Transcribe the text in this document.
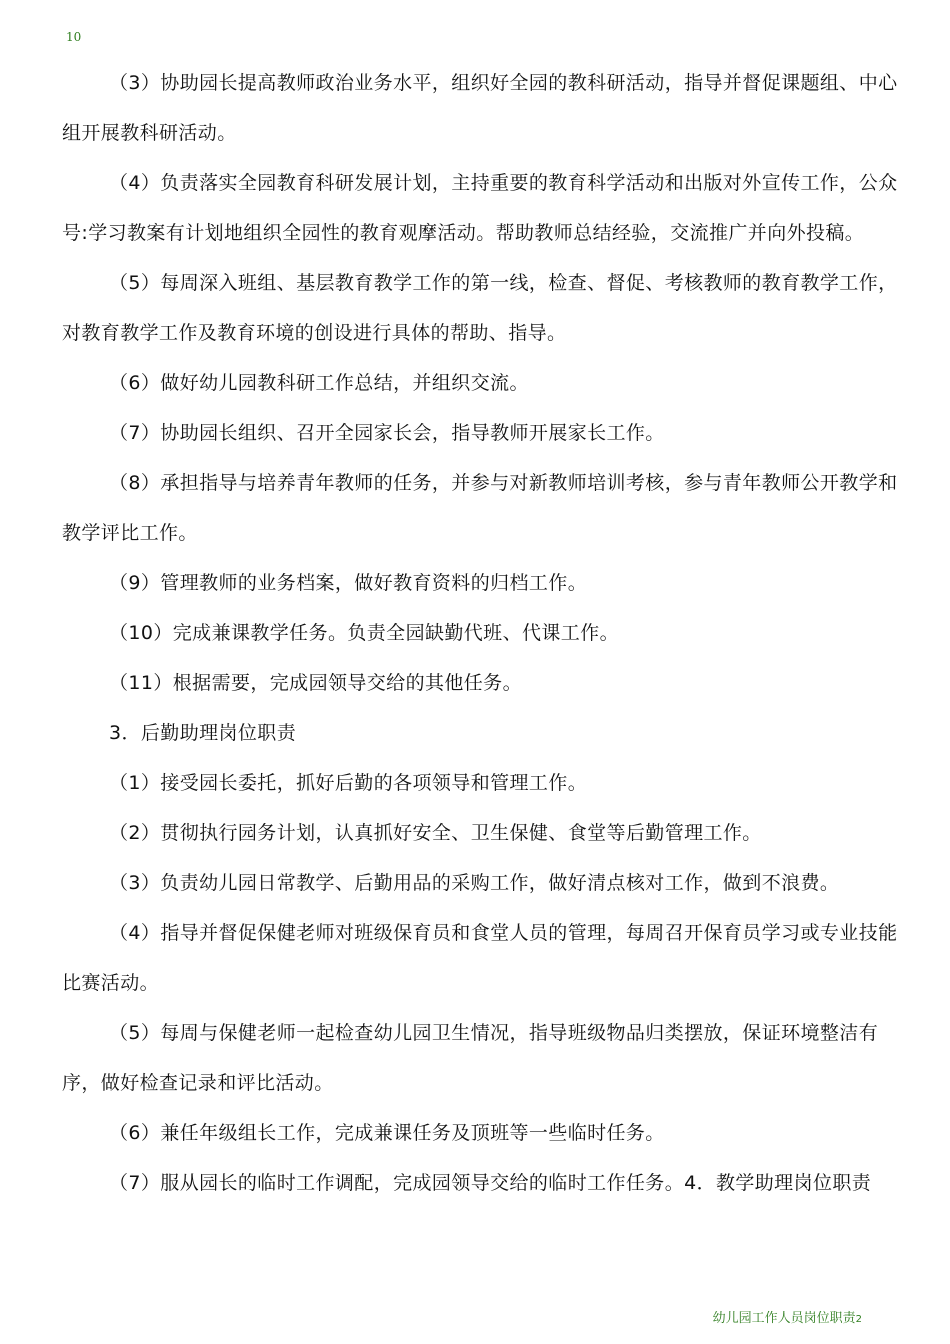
10

（3）协助园长提高教师政治业务水平，组织好全园的教科研活动，指导并督促课题组、中心组开展教科研活动。

（4）负责落实全园教育科研发展计划，主持重要的教育科学活动和出版对外宣传工作，公众号:学习教案有计划地组织全园性的教育观摩活动。帮助教师总结经验，交流推广并向外投稿。

（5）每周深入班组、基层教育教学工作的第一线，检查、督促、考核教师的教育教学工作，对教育教学工作及教育环境的创设进行具体的帮助、指导。

（6）做好幼儿园教科研工作总结，并组织交流。

（7）协助园长组织、召开全园家长会，指导教师开展家长工作。

（8）承担指导与培养青年教师的任务，并参与对新教师培训考核，参与青年教师公开教学和教学评比工作。

（9）管理教师的业务档案，做好教育资料的归档工作。

（10）完成兼课教学任务。负责全园缺勤代班、代课工作。

（11）根据需要，完成园领导交给的其他任务。

3．后勤助理岗位职责

（1）接受园长委托，抓好后勤的各项领导和管理工作。

（2）贯彻执行园务计划，认真抓好安全、卫生保健、食堂等后勤管理工作。

（3）负责幼儿园日常教学、后勤用品的采购工作，做好清点核对工作，做到不浪费。

（4）指导并督促保健老师对班级保育员和食堂人员的管理，每周召开保育员学习或专业技能比赛活动。

（5）每周与保健老师一起检查幼儿园卫生情况，指导班级物品归类摆放，保证环境整洁有序，做好检查记录和评比活动。

（6）兼任年级组长工作，完成兼课任务及顶班等一些临时任务。

（7）服从园长的临时工作调配，完成园领导交给的临时工作任务。4．教学助理岗位职责

幼儿园工作人员岗位职责2
